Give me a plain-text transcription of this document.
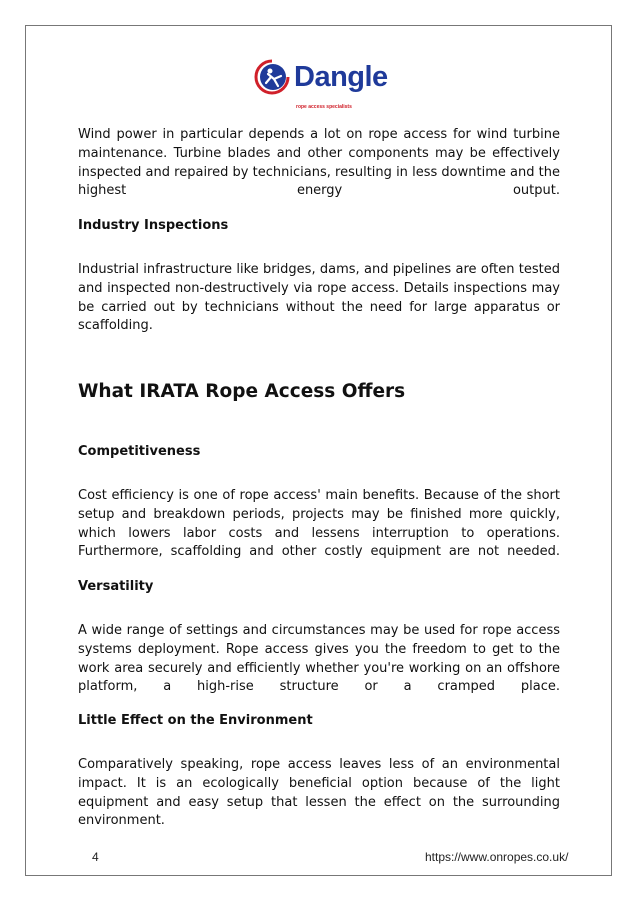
Dangle
rope access specialists

Wind power in particular depends a lot on rope access for wind turbine maintenance. Turbine blades and other components may be effectively inspected and repaired by technicians, resulting in less downtime and the highest energy output.

Industry Inspections

Industrial infrastructure like bridges, dams, and pipelines are often tested and inspected non-destructively via rope access. Details inspections may be carried out by technicians without the need for large apparatus or scaffolding.

What IRATA Rope Access Offers
Competitiveness

Cost efficiency is one of rope access' main benefits. Because of the short setup and breakdown periods, projects may be finished more quickly, which lowers labor costs and lessens interruption to operations. Furthermore, scaffolding and other costly equipment are not needed.

Versatility

A wide range of settings and circumstances may be used for rope access systems deployment. Rope access gives you the freedom to get to the work area securely and efficiently whether you're working on an offshore platform, a high-rise structure or a cramped place.

Little Effect on the Environment

Comparatively speaking, rope access leaves less of an environmental impact. It is an ecologically beneficial option because of the light equipment and easy setup that lessen the effect on the surrounding environment.

4	https://www.onropes.co.uk/
